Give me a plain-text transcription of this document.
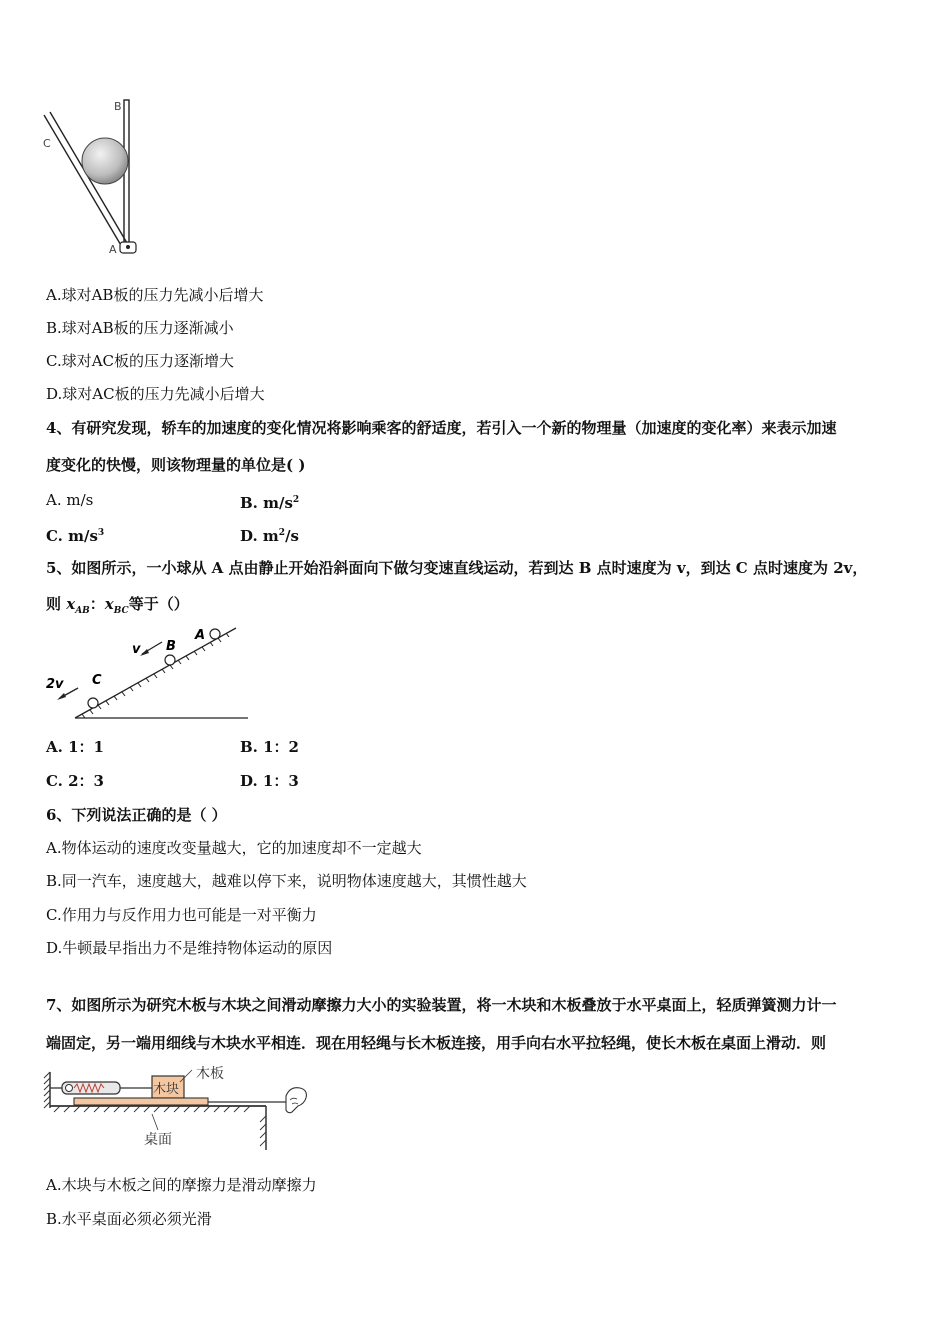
B
C
A
A.球对AB板的压力先减小后增大
B.球对AB板的压力逐渐减小
C.球对AC板的压力逐渐增大
D.球对AC板的压力先减小后增大
4、有研究发现，轿车的加速度的变化情况将影响乘客的舒适度，若引入一个新的物理量（加速度的变化率）来表示加速
度变化的快慢，则该物理量的单位是( )
A. m/s	B. $m/s^2$
C. $m/s^3$	D. $m^2/s$
5、如图所示，一小球从 A 点由静止开始沿斜面向下做匀变速直线运动，若到达 B 点时速度为 v，到达 C 点时速度为 2v，
则 $x_{AB}$：$x_{BC}$等于（）
A
B
C
v
2v
A. 1：1	B. 1：2
C. 2：3	D. 1：3
6、下列说法正确的是（ ）
A.物体运动的速度改变量越大，它的加速度却不一定越大
B.同一汽车，速度越大，越难以停下来，说明物体速度越大，其惯性越大
C.作用力与反作用力也可能是一对平衡力
D.牛顿最早指出力不是维持物体运动的原因
7、如图所示为研究木板与木块之间滑动摩擦力大小的实验装置，将一木块和木板叠放于水平桌面上，轻质弹簧测力计一
端固定，另一端用细线与木块水平相连．现在用轻绳与长木板连接，用手向右水平拉轻绳，使长木板在桌面上滑动．则
木块
木板
桌面
A.木块与木板之间的摩擦力是滑动摩擦力
B.水平桌面必须必须光滑
